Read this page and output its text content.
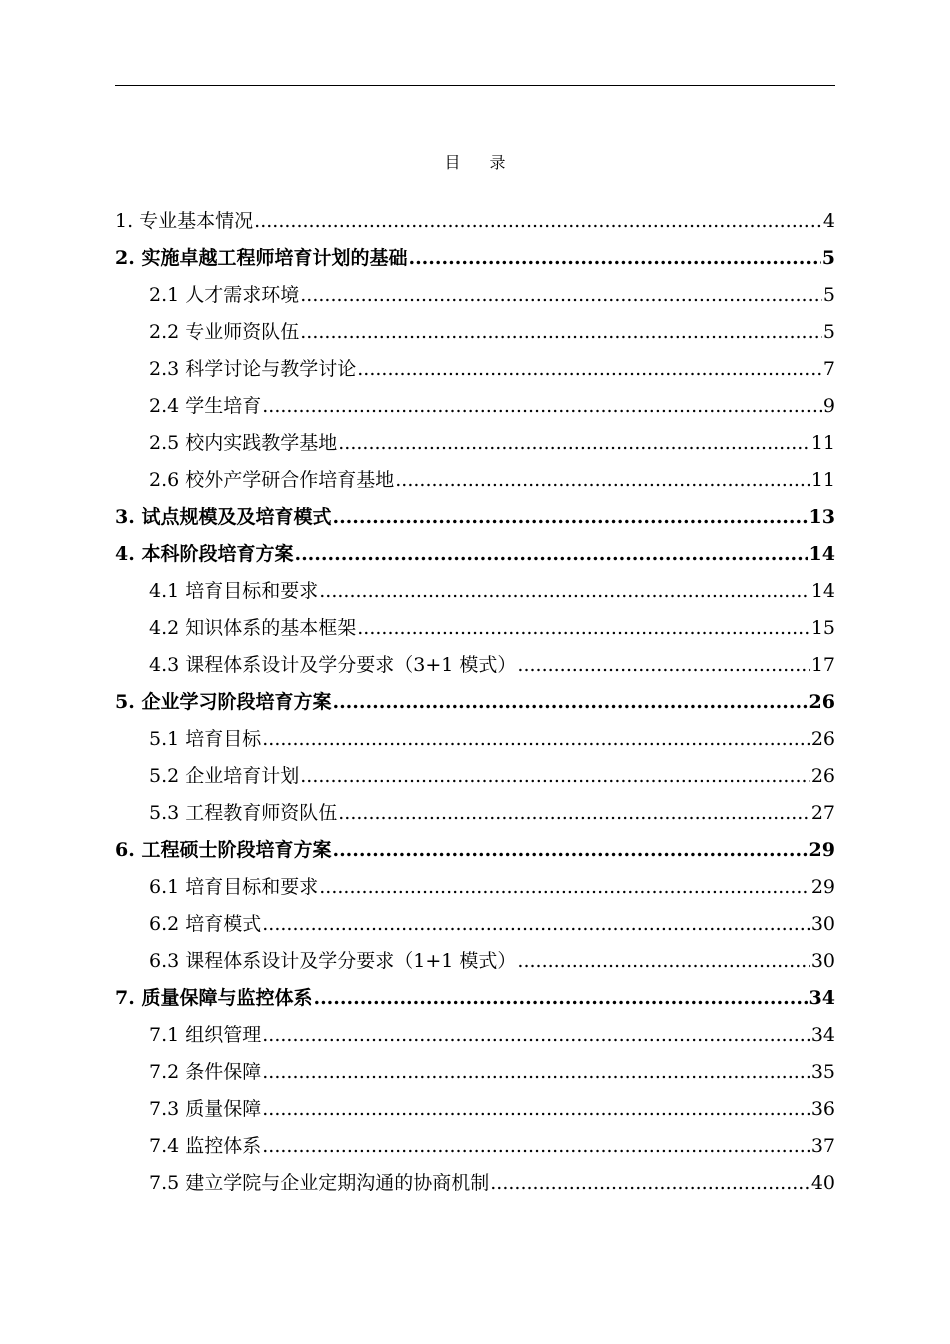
目 录
1. 专业基本情况 .....	4
2. 实施卓越工程师培育计划的基础 .....	5
2.1 人才需求环境 .....	5
2.2 专业师资队伍 .....	5
2.3 科学讨论与教学讨论 .....	7
2.4 学生培育 .....	9
2.5 校内实践教学基地 .....	11
2.6 校外产学研合作培育基地 .....	11
3. 试点规模及及培育模式 .....	13
4. 本科阶段培育方案 .....	14
4.1 培育目标和要求 .....	14
4.2 知识体系的基本框架 .....	15
4.3 课程体系设计及学分要求（3+1 模式） .....	17
5. 企业学习阶段培育方案 .....	26
5.1 培育目标 .....	26
5.2 企业培育计划 .....	26
5.3 工程教育师资队伍 .....	27
6. 工程硕士阶段培育方案 .....	29
6.1 培育目标和要求 .....	29
6.2 培育模式 .....	30
6.3 课程体系设计及学分要求（1+1 模式） .....	30
7. 质量保障与监控体系 .....	34
7.1 组织管理 .....	34
7.2 条件保障 .....	35
7.3 质量保障 .....	36
7.4 监控体系 .....	37
7.5 建立学院与企业定期沟通的协商机制 .....	40
